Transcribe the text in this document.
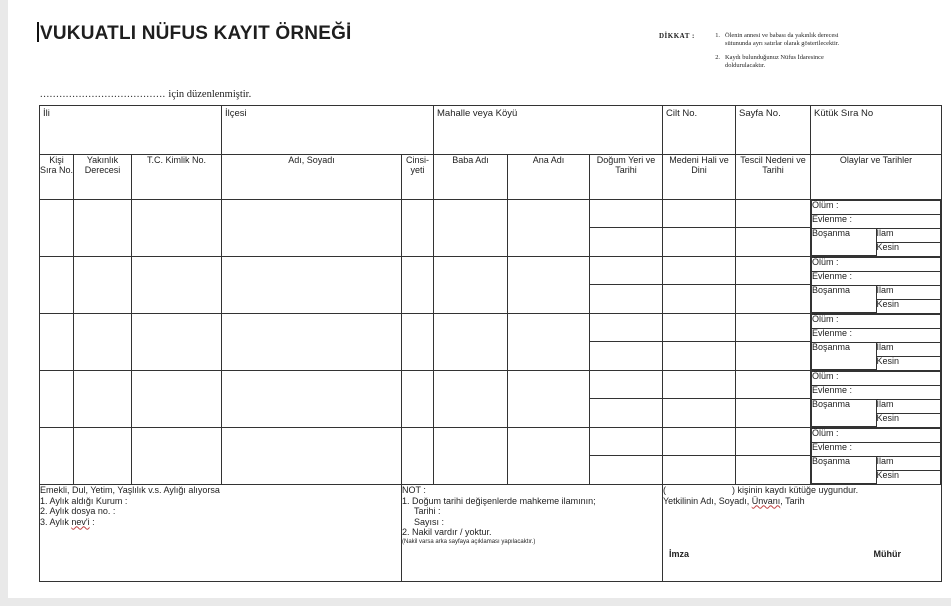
VUKUATLI NÜFUS KAYIT ÖRNEĞİ	DİKKAT :	1. Ölenin annesi ve babası da yakınlık derecesi
sütununda ayrı satırlar olarak gösterilecektir.
2. Kaydı bulunduğunuz Nüfus İdaresince
doldurulacaktır.
....................................... için düzenlenmiştir.
İli	İlçesi	Mahalle veya Köyü	Cilt No.	Sayfa No.	Kütük Sıra No

Kişi Sıra No.	Yakınlık Derecesi	T.C. Kimlik No.	Adı, Soyadı	Cinsi-yeti	Baba Adı	Ana Adı	Doğum Yeri ve Tarihi	Medeni Hali ve Dini	Tescil Nedeni ve Tarihi	Olaylar ve Tarihler

Ölüm :
Evlenme :
Boşanma	İlam
Kesin

Ölüm :
Evlenme :
Boşanma	İlam
Kesin

Ölüm :
Evlenme :
Boşanma	İlam
Kesin

Ölüm :
Evlenme :
Boşanma	İlam
Kesin

Ölüm :
Evlenme :
Boşanma	İlam
Kesin

Emekli, Dul, Yetim, Yaşlılık v.s. Aylığı alıyorsa
1. Aylık aldığı Kurum :
2. Aylık dosya no. :
3. Aylık nev'i :

NOT :
1. Doğum tarihi değişenlerde mahkeme ilamının;
Tarihi :
Sayısı :
2. Nakil vardır / yoktur.
(Nakil varsa arka sayfaya açıklaması yapılacaktır.)

(	) kişinin kaydı kütüğe uygundur.
Yetkilinin Adı, Soyadı, Ünvanı, Tarih
İmza	Mühür
